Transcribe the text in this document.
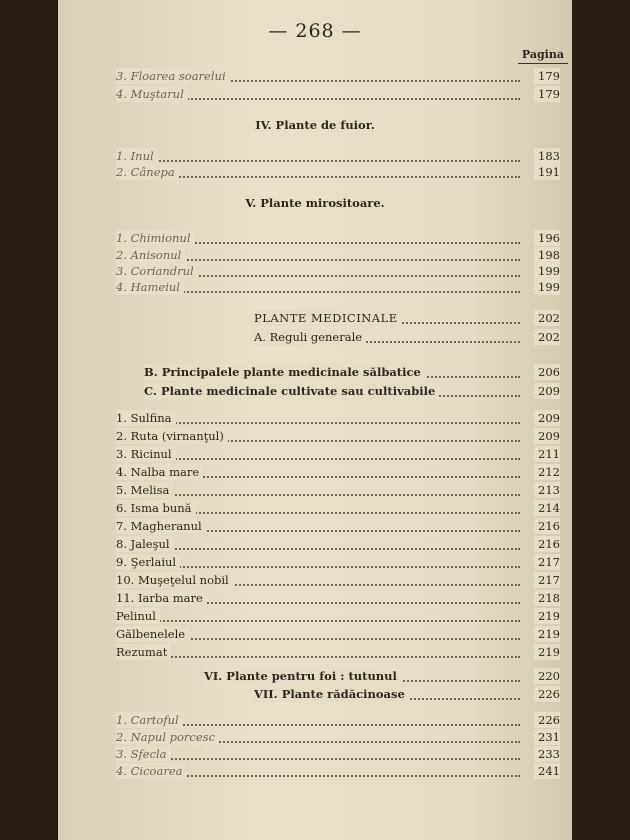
— 268 —
Pagina
3. Floarea soarelui	179
4. Muştarul	179
IV. Plante de fuior.
1. Inul	183
2. Cânepa	191
V. Plante mirositoare.
1. Chimionul	196
2. Anisonul	198
3. Coriandrul	199
4. Hameiul	199
PLANTE MEDICINALE	202
A. Reguli generale	202
B. Principalele plante medicinale sălbatice	206
C. Plante medicinale cultivate sau cultivabile	209
1. Sulfina	209
2. Ruta (virnanţul)	209
3. Ricinul	211
4. Nalba mare	212
5. Melisa	213
6. Isma bună	214
7. Magheranul	216
8. Jaleşul	216
9. Şerlaiul	217
10. Muşeţelul nobil	217
11. Iarba mare	218
Pelinul	219
Gălbenelele	219
Rezumat	219
VI. Plante pentru foi : tutunul	220
VII. Plante rădăcinoase	226
1. Cartoful	226
2. Napul porcesc	231
3. Sfecla	233
4. Cicoarea	241
